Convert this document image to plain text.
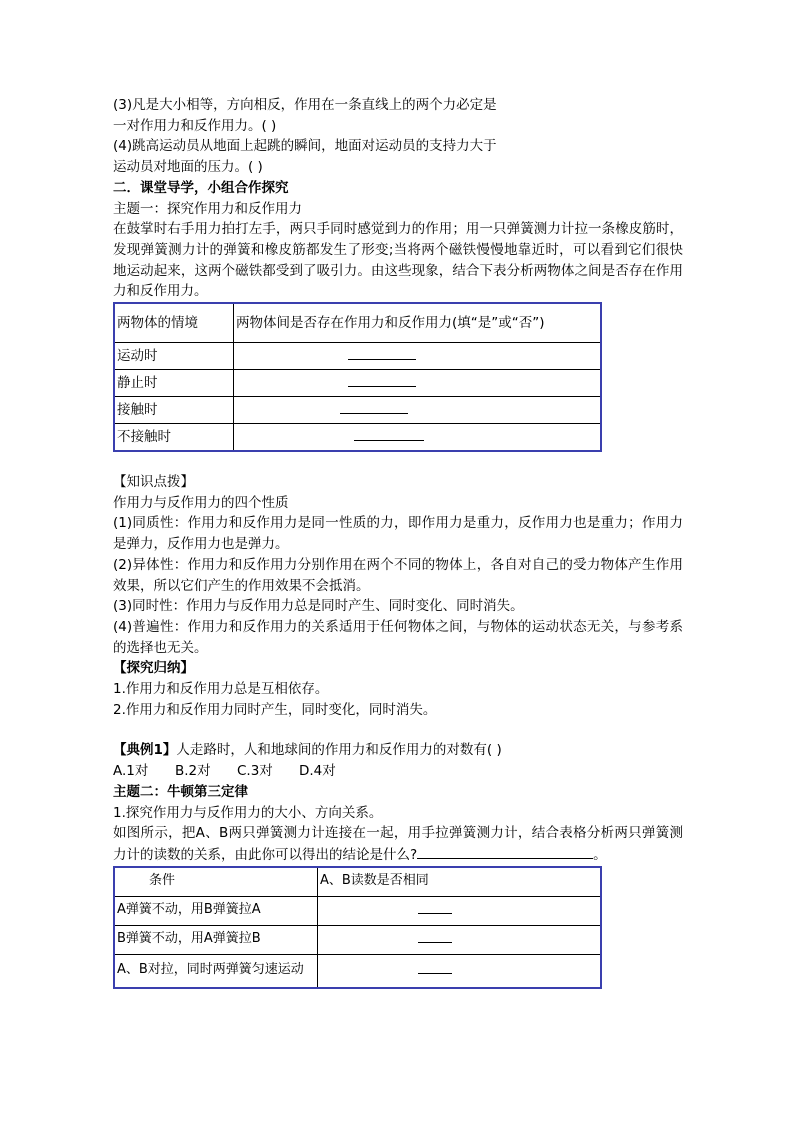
(3)凡是大小相等，方向相反，作用在一条直线上的两个力必定是
一对作用力和反作用力。( )
(4)跳高运动员从地面上起跳的瞬间，地面对运动员的支持力大于
运动员对地面的压力。( )
二．课堂导学，小组合作探究
主题一：探究作用力和反作用力
在鼓掌时右手用力拍打左手，两只手同时感觉到力的作用；用一只弹簧测力计拉一条橡皮筋时，发现弹簧测力计的弹簧和橡皮筋都发生了形变;当将两个磁铁慢慢地靠近时，可以看到它们很快地运动起来，这两个磁铁都受到了吸引力。由这些现象，结合下表分析两物体之间是否存在作用力和反作用力。
两物体的情境	两物体间是否存在作用力和反作用力(填“是”或“否”)
运动时	
静止时	
接触时	
不接触时	
【知识点拨】
作用力与反作用力的四个性质
(1)同质性：作用力和反作用力是同一性质的力，即作用力是重力，反作用力也是重力；作用力是弹力，反作用力也是弹力。
(2)异体性：作用力和反作用力分别作用在两个不同的物体上，各自对自己的受力物体产生作用效果，所以它们产生的作用效果不会抵消。
(3)同时性：作用力与反作用力总是同时产生、同时变化、同时消失。
(4)普遍性：作用力和反作用力的关系适用于任何物体之间，与物体的运动状态无关，与参考系的选择也无关。
【探究归纳】
1.作用力和反作用力总是互相依存。
2.作用力和反作用力同时产生，同时变化，同时消失。
【典例1】人走路时，人和地球间的作用力和反作用力的对数有( )
A.1对 B.2对 C.3对 D.4对
主题二：牛顿第三定律
1.探究作用力与反作用力的大小、方向关系。
如图所示，把A、B两只弹簧测力计连接在一起，用手拉弹簧测力计，结合表格分析两只弹簧测力计的读数的关系，由此你可以得出的结论是什么?	。
条件	A、B读数是否相同
A弹簧不动，用B弹簧拉A	
B弹簧不动，用A弹簧拉B	
A、B对拉，同时两弹簧匀速运动	
